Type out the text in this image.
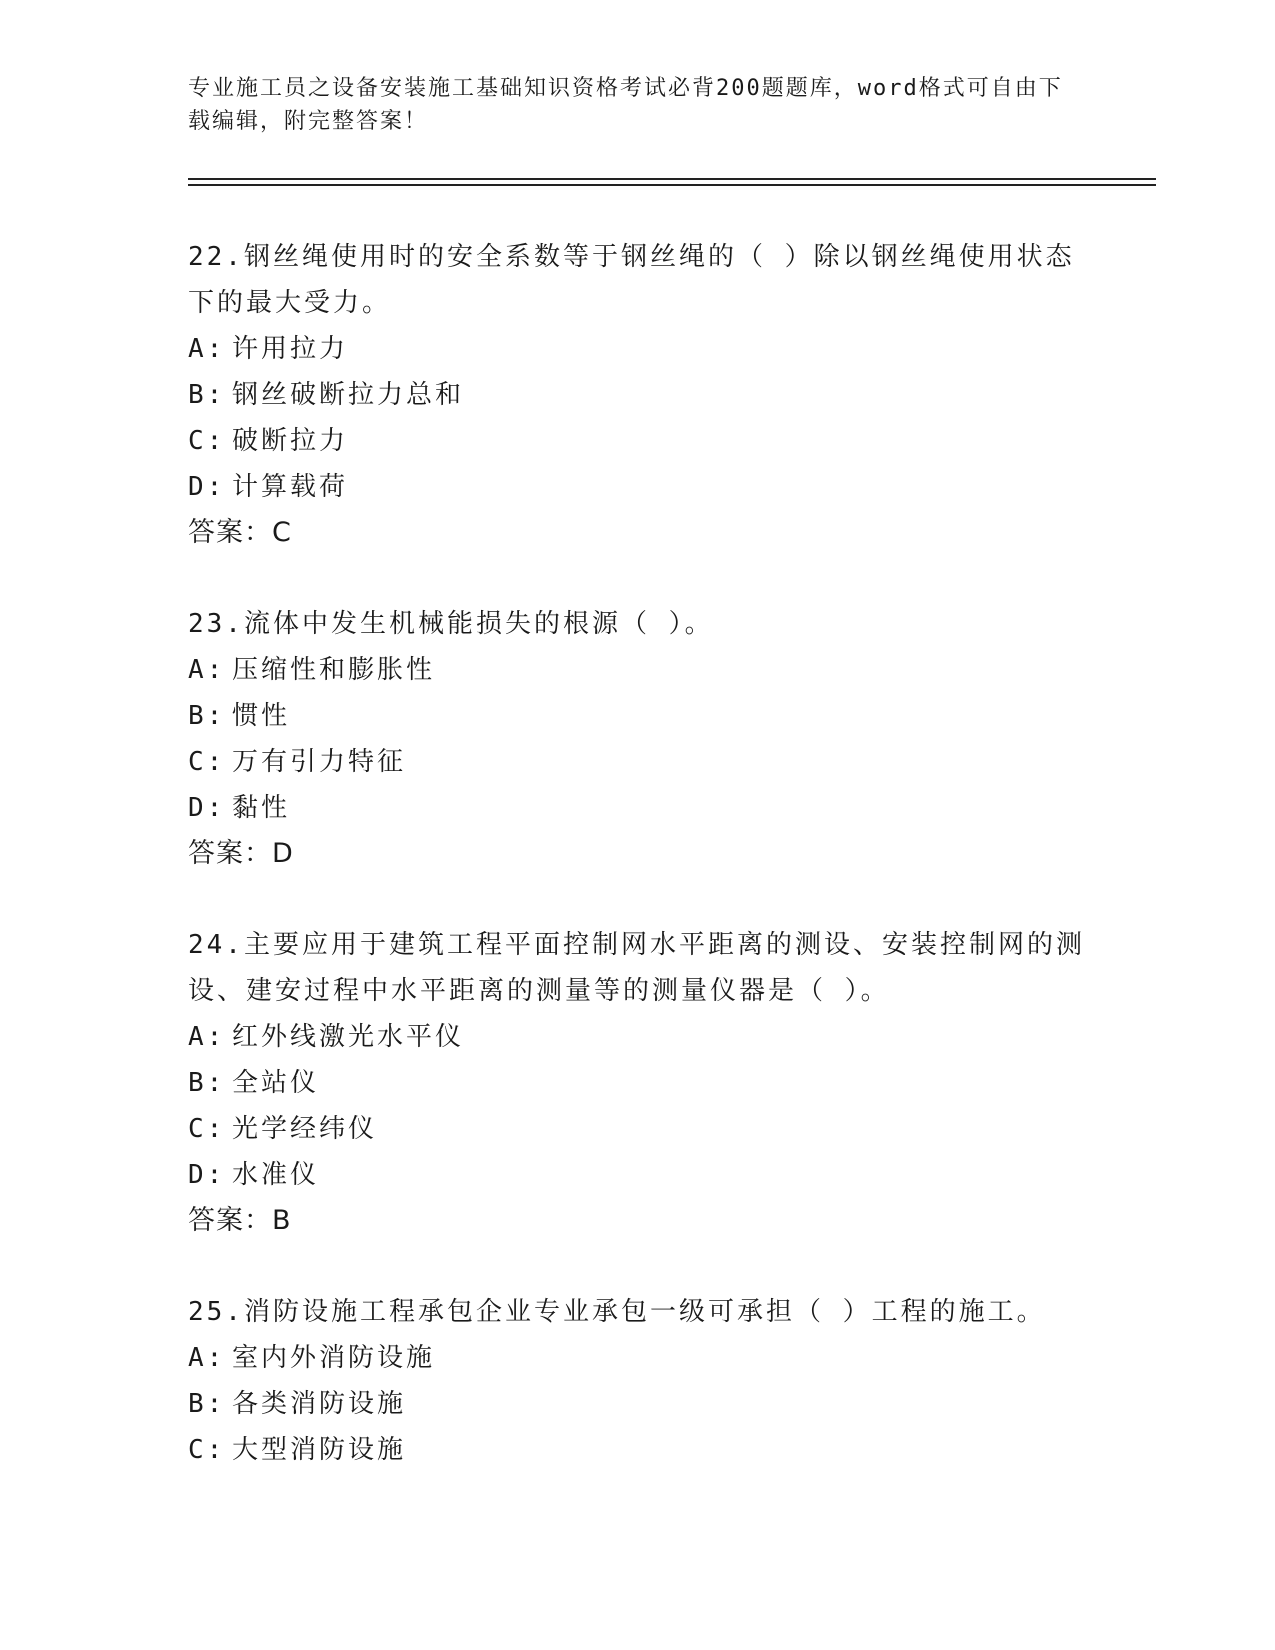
专业施工员之设备安装施工基础知识资格考试必背200题题库，word格式可自由下载编辑，附完整答案！

22.钢丝绳使用时的安全系数等于钢丝绳的（ ）除以钢丝绳使用状态下的最大受力。

A: 许用拉力

B: 钢丝破断拉力总和

C: 破断拉力

D: 计算载荷

答案：C

23.流体中发生机械能损失的根源（ ）。

A: 压缩性和膨胀性

B: 惯性

C: 万有引力特征

D: 黏性

答案：D

24.主要应用于建筑工程平面控制网水平距离的测设、安装控制网的测设、建安过程中水平距离的测量等的测量仪器是（ ）。

A: 红外线激光水平仪

B: 全站仪

C: 光学经纬仪

D: 水准仪

答案：B

25.消防设施工程承包企业专业承包一级可承担（ ）工程的施工。

A: 室内外消防设施

B: 各类消防设施

C: 大型消防设施
